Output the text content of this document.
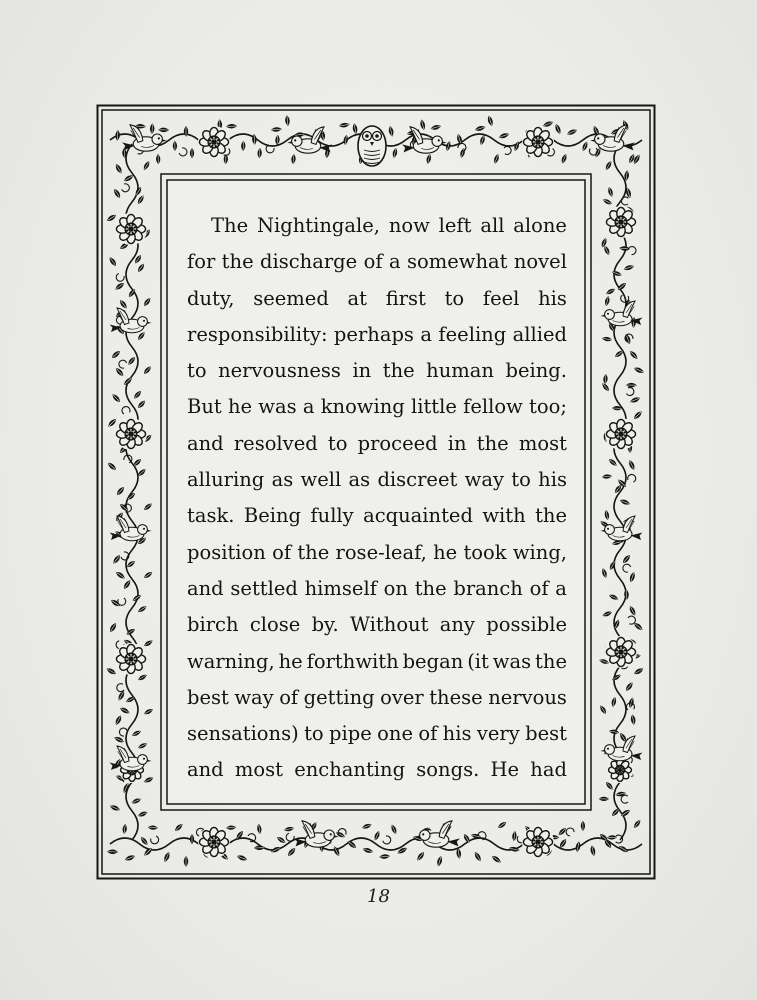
The Nightingale, now left all alone
for the discharge of a somewhat novel
duty, seemed at first to feel his
responsibility: perhaps a feeling allied
to nervousness in the human being.
But he was a knowing little fellow too;
and resolved to proceed in the most
alluring as well as discreet way to his
task. Being fully acquainted with the
position of the rose-leaf, he took wing,
and settled himself on the branch of a
birch close by. Without any possible
warning, he forthwith began (it was the
best way of getting over these nervous
sensations) to pipe one of his very best
and most enchanting songs. He had
18
